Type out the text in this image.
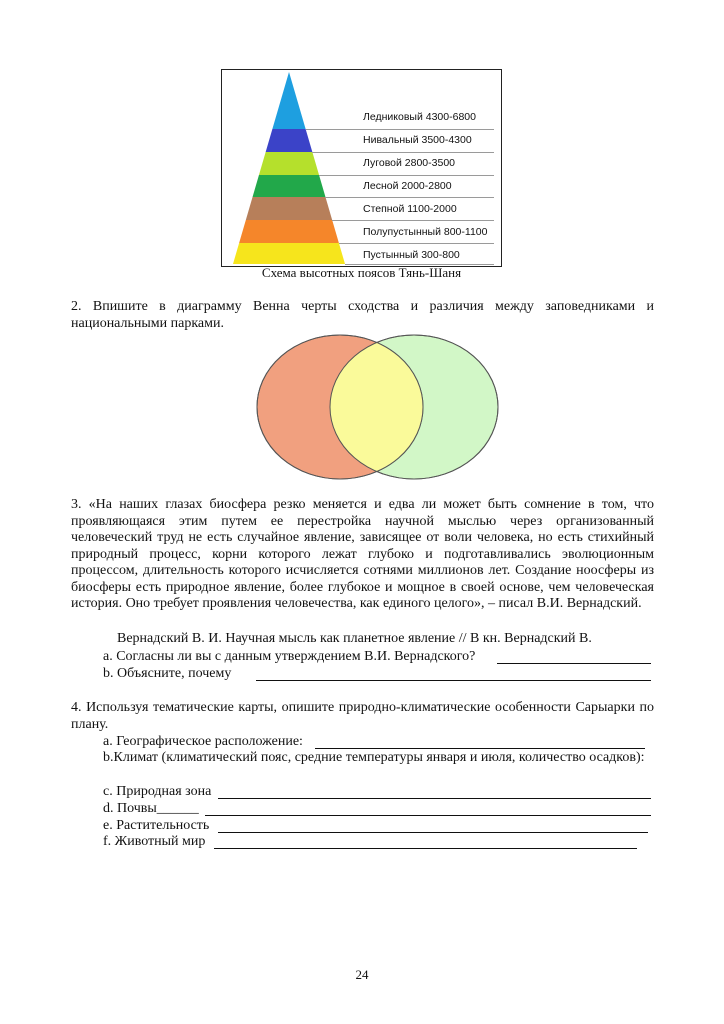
Ледниковый 4300-6800
Нивальный 3500-4300
Луговой 2800-3500
Лесной 2000-2800
Степной 1100-2000
Полупустынный 800-1100
Пустынный 300-800
Схема высотных поясов Тянь-Шаня
2. Впишите в диаграмму Венна черты сходства и различия между заповедниками и национальными парками.
3. «На наших глазах биосфера резко меняется и едва ли может быть сомнение в том, что проявляющаяся этим путем ее перестройка научной мыслью через организованный человеческий труд не есть случайное явление, зависящее от воли человека, но есть стихийный природный процесс, корни которого лежат глубоко и подготавливались эволюционным процессом, длительность которого исчисляется сотнями миллионов лет. Создание ноосферы из биосферы есть природное явление, более глубокое и мощное в своей основе, чем человеческая история. Оно требует проявления человечества, как единого целого», – писал В.И. Вернадский.
Вернадский В. И. Научная мысль как планетное явление // В кн. Вернадский В.
a. Согласны ли вы с данным утверждением В.И. Вернадского?
b. Объясните, почему
4. Используя тематические карты, опишите природно-климатические особенности Сарыарки по плану.
a. Географическое расположение:
b.Климат (климатический пояс, средние температуры января и июля, количество осадков):
c. Природная зона
d. Почвы______
e. Растительность
f. Животный мир
24
